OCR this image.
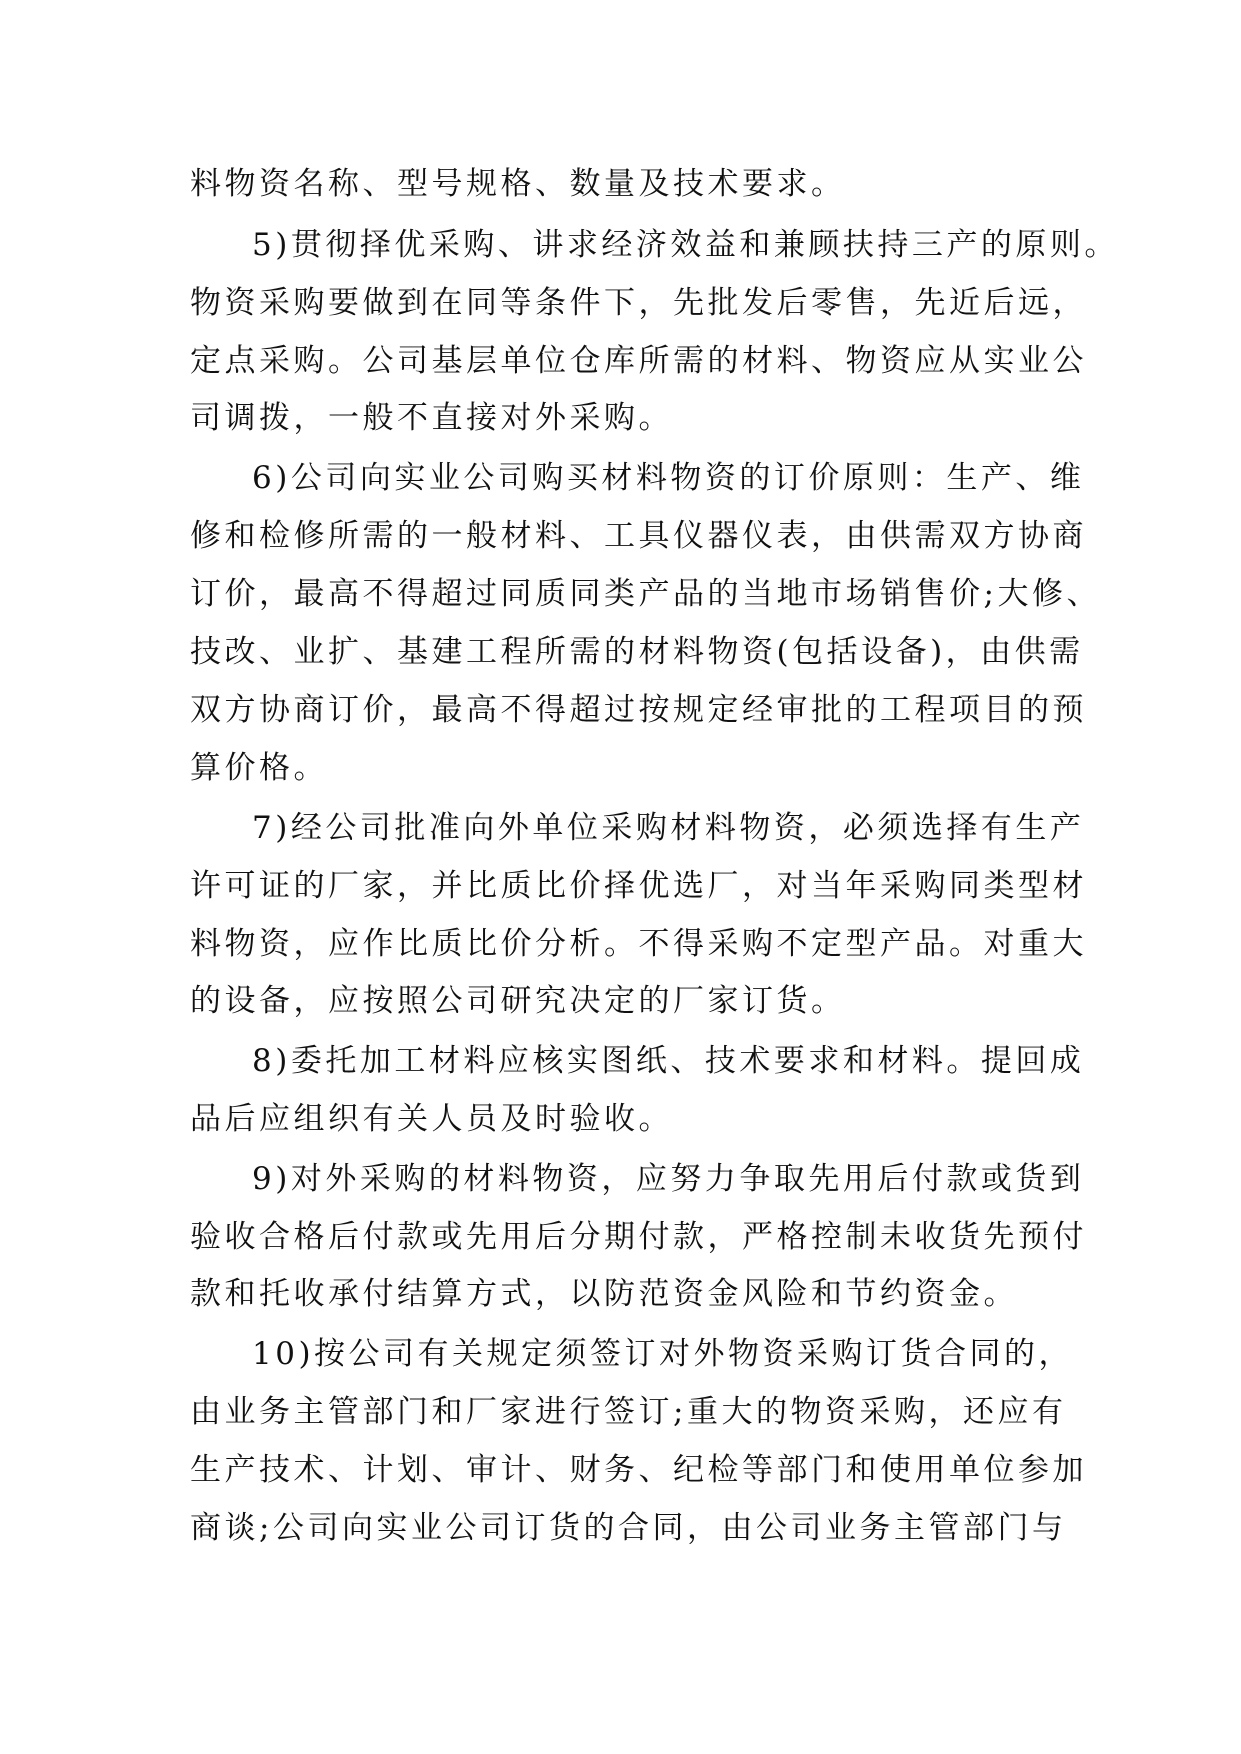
料物资名称、型号规格、数量及技术要求。
5)贯彻择优采购、讲求经济效益和兼顾扶持三产的原则。
物资采购要做到在同等条件下，先批发后零售，先近后远，
定点采购。公司基层单位仓库所需的材料、物资应从实业公
司调拨，一般不直接对外采购。
6)公司向实业公司购买材料物资的订价原则：生产、维
修和检修所需的一般材料、工具仪器仪表，由供需双方协商
订价，最高不得超过同质同类产品的当地市场销售价;大修、
技改、业扩、基建工程所需的材料物资(包括设备)，由供需
双方协商订价，最高不得超过按规定经审批的工程项目的预
算价格。
7)经公司批准向外单位采购材料物资，必须选择有生产
许可证的厂家，并比质比价择优选厂，对当年采购同类型材
料物资，应作比质比价分析。不得采购不定型产品。对重大
的设备，应按照公司研究决定的厂家订货。
8)委托加工材料应核实图纸、技术要求和材料。提回成
品后应组织有关人员及时验收。
9)对外采购的材料物资，应努力争取先用后付款或货到
验收合格后付款或先用后分期付款，严格控制未收货先预付
款和托收承付结算方式，以防范资金风险和节约资金。
10)按公司有关规定须签订对外物资采购订货合同的，
由业务主管部门和厂家进行签订;重大的物资采购，还应有
生产技术、计划、审计、财务、纪检等部门和使用单位参加
商谈;公司向实业公司订货的合同，由公司业务主管部门与
